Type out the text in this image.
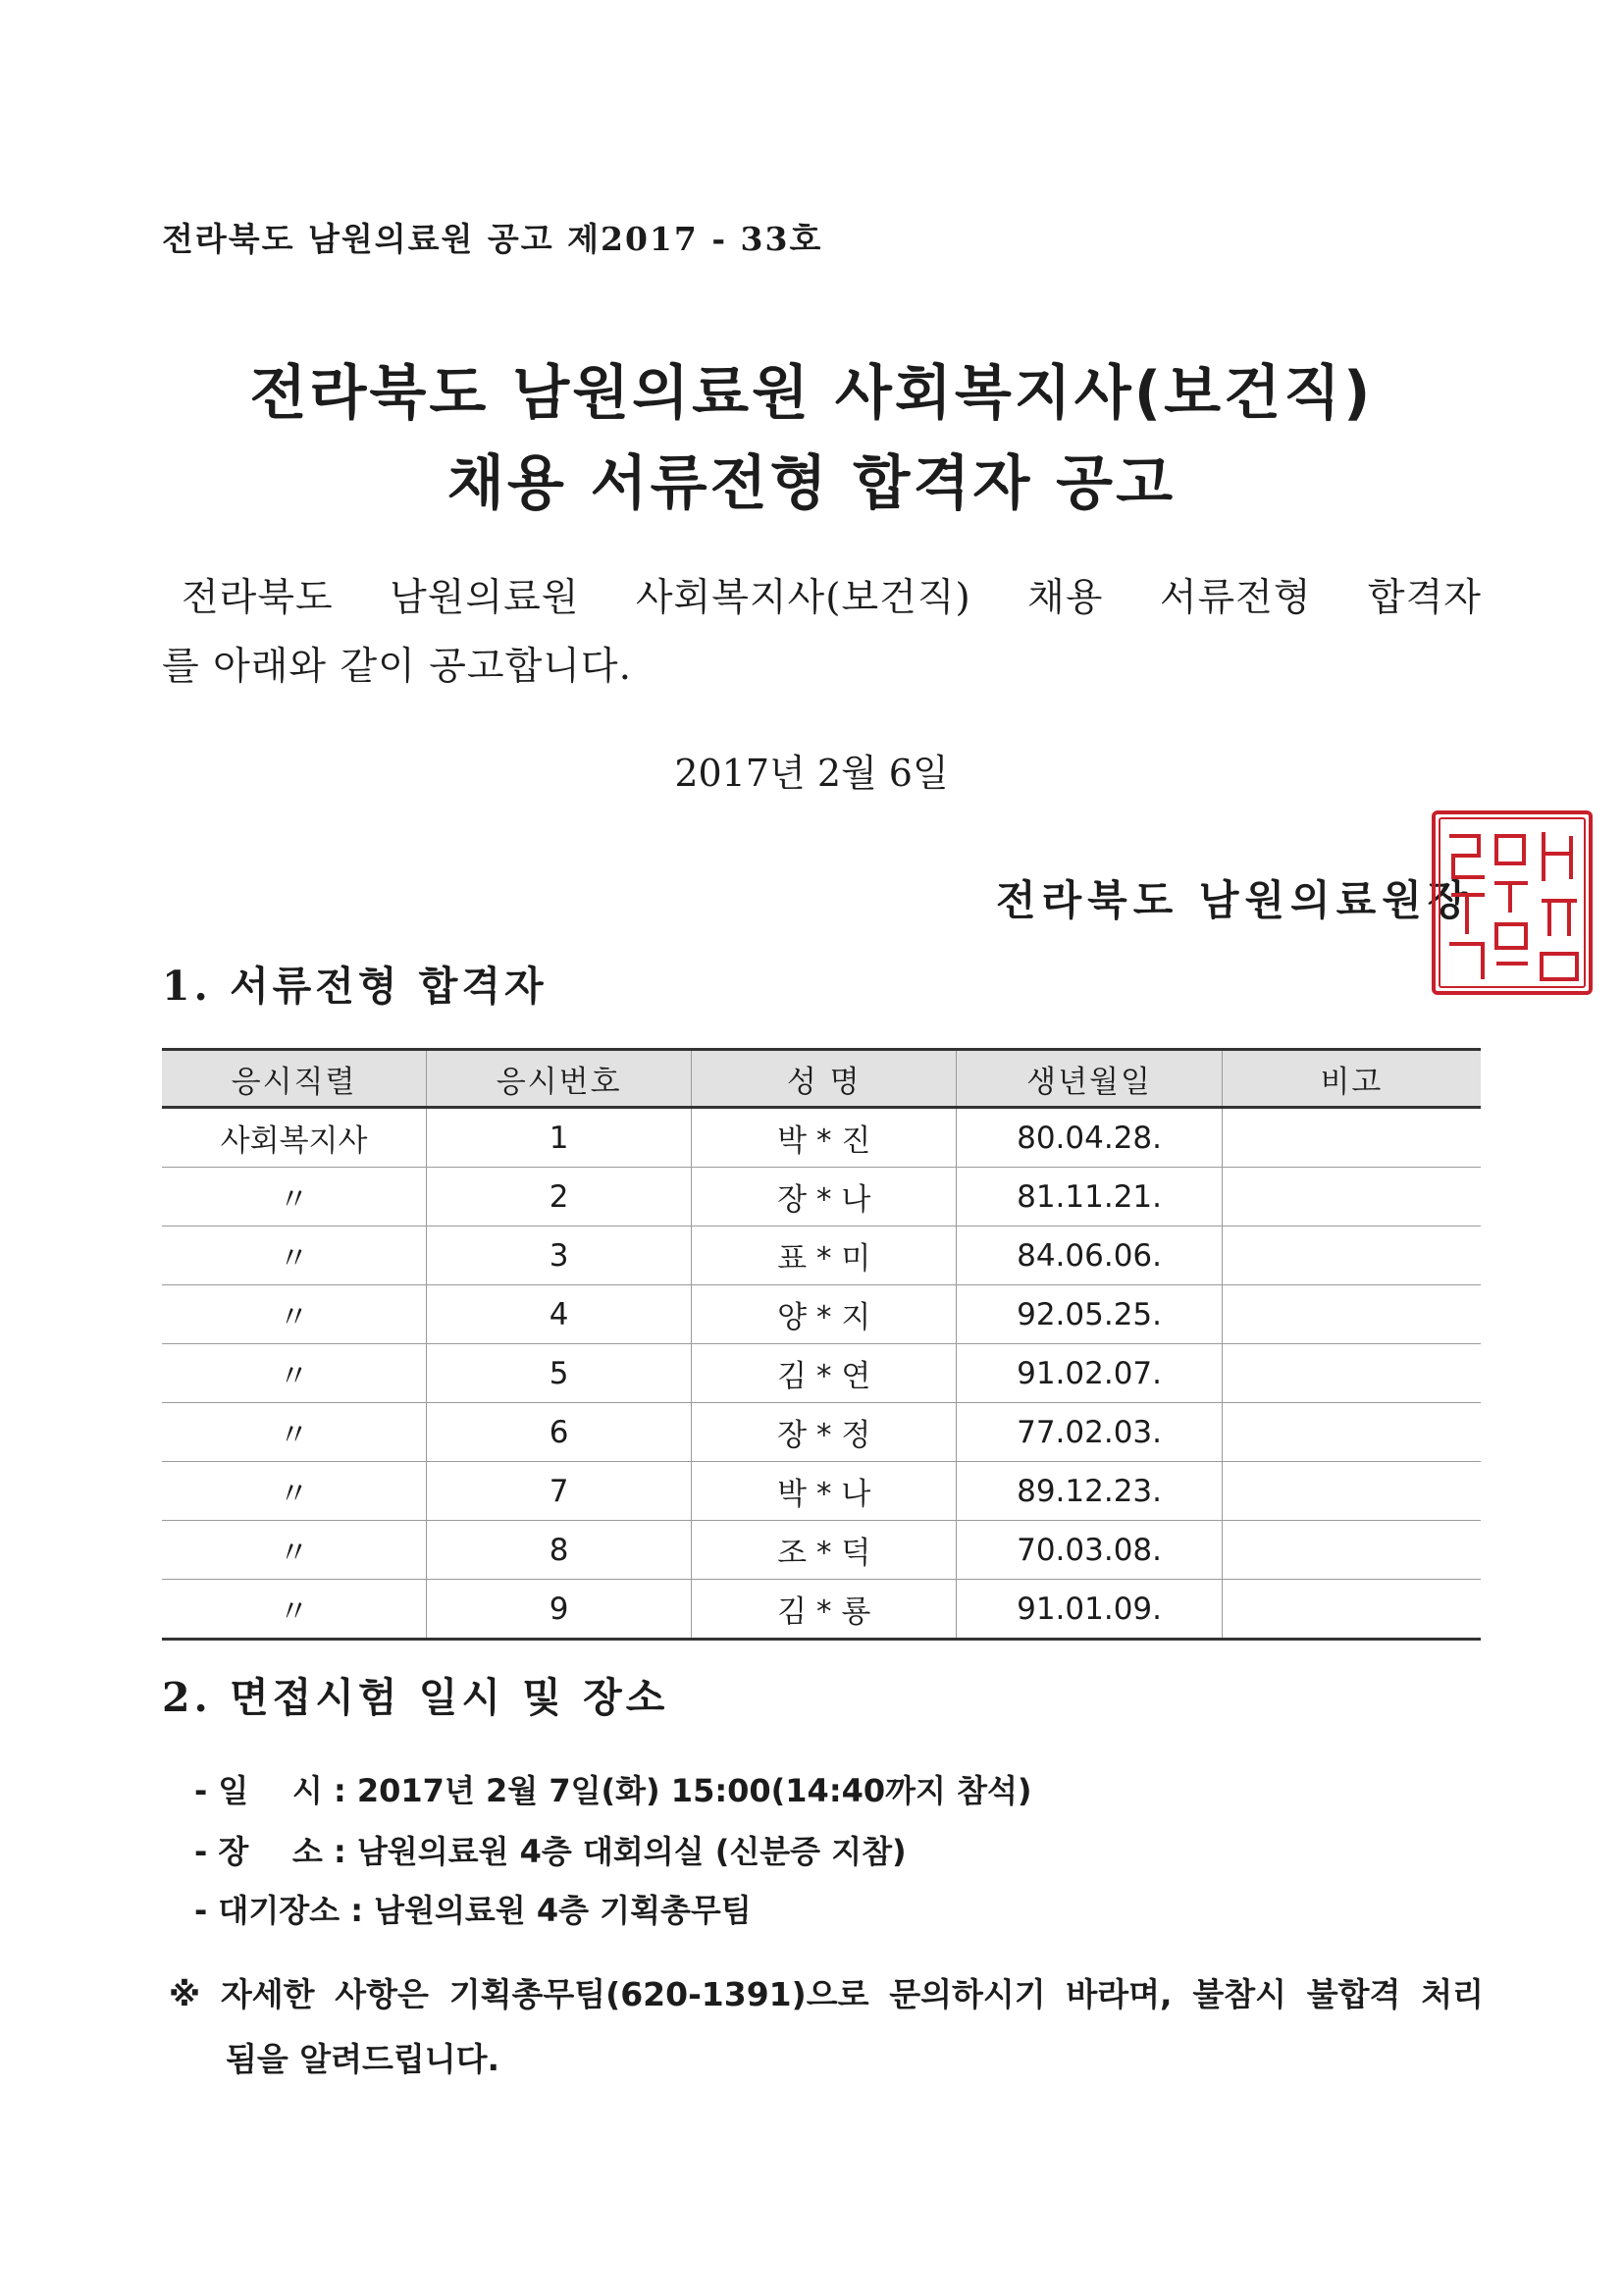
전라북도 남원의료원 공고 제2017 - 33호
전라북도 남원의료원 사회복지사(보건직)
채용 서류전형 합격자 공고
전라북도 남원의료원 사회복지사(보건직) 채용 서류전형 합격자
를 아래와 같이 공고합니다.
2017년 2월 6일
전라북도 남원의료원장
1. 서류전형 합격자
응시직렬	응시번호	성 명	생년월일	비고
사회복지사	1	박 * 진	80.04.28.	
〃	2	장 * 나	81.11.21.	
〃	3	표 * 미	84.06.06.	
〃	4	양 * 지	92.05.25.	
〃	5	김 * 연	91.02.07.	
〃	6	장 * 정	77.02.03.	
〃	7	박 * 나	89.12.23.	
〃	8	조 * 덕	70.03.08.	
〃	9	김 * 룡	91.01.09.	
2. 면접시험 일시 및 장소
- 일    시 : 2017년 2월 7일(화) 15:00(14:40까지 참석)
- 장    소 : 남원의료원 4층 대회의실 (신분증 지참)
- 대기장소 : 남원의료원 4층 기획총무팀
※ 자세한 사항은 기획총무팀(620-1391)으로 문의하시기 바라며, 불참시 불합격 처리
됨을 알려드립니다.
